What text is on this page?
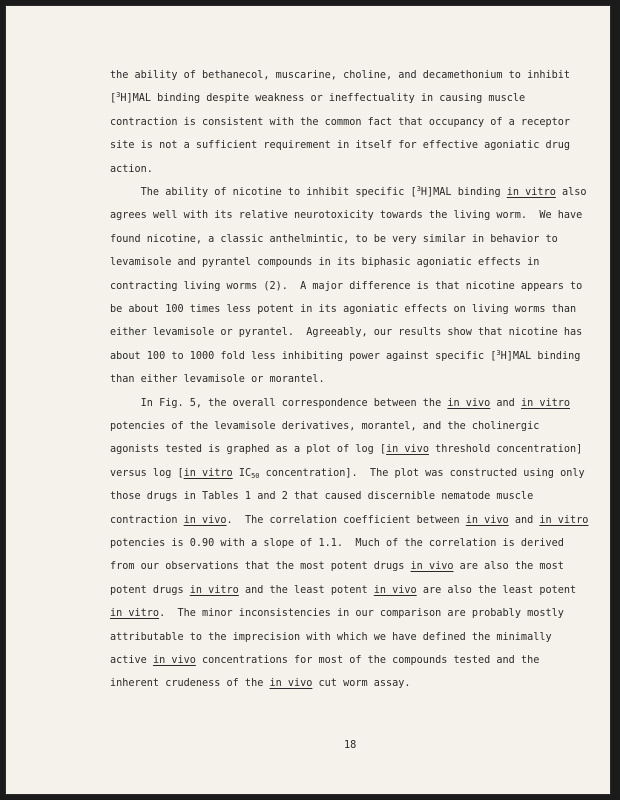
the ability of bethanecol, muscarine, choline, and decamethonium to inhibit
[$^3$H]MAL binding despite weakness or ineffectuality in causing muscle
contraction is consistent with the common fact that occupancy of a receptor
site is not a sufficient requirement in itself for effective agoniatic drug
action.
The ability of nicotine to inhibit specific [$^3$H]MAL binding in vitro also
agrees well with its relative neurotoxicity towards the living worm.  We have
found nicotine, a classic anthelmintic, to be very similar in behavior to
levamisole and pyrantel compounds in its biphasic agoniatic effects in
contracting living worms (2).  A major difference is that nicotine appears to
be about 100 times less potent in its agoniatic effects on living worms than
either levamisole or pyrantel.  Agreeably, our results show that nicotine has
about 100 to 1000 fold less inhibiting power against specific [$^3$H]MAL binding
than either levamisole or morantel.
In Fig. 5, the overall correspondence between the in vivo and in vitro
potencies of the levamisole derivatives, morantel, and the cholinergic
agonists tested is graphed as a plot of log [in vivo threshold concentration]
versus log [in vitro IC50 concentration].  The plot was constructed using only
those drugs in Tables 1 and 2 that caused discernible nematode muscle
contraction in vivo.  The correlation coefficient between in vivo and in vitro
potencies is 0.90 with a slope of 1.1.  Much of the correlation is derived
from our observations that the most potent drugs in vivo are also the most
potent drugs in vitro and the least potent in vivo are also the least potent
in vitro.  The minor inconsistencies in our comparison are probably mostly
attributable to the imprecision with which we have defined the minimally
active in vivo concentrations for most of the compounds tested and the
inherent crudeness of the in vivo cut worm assay.
18
